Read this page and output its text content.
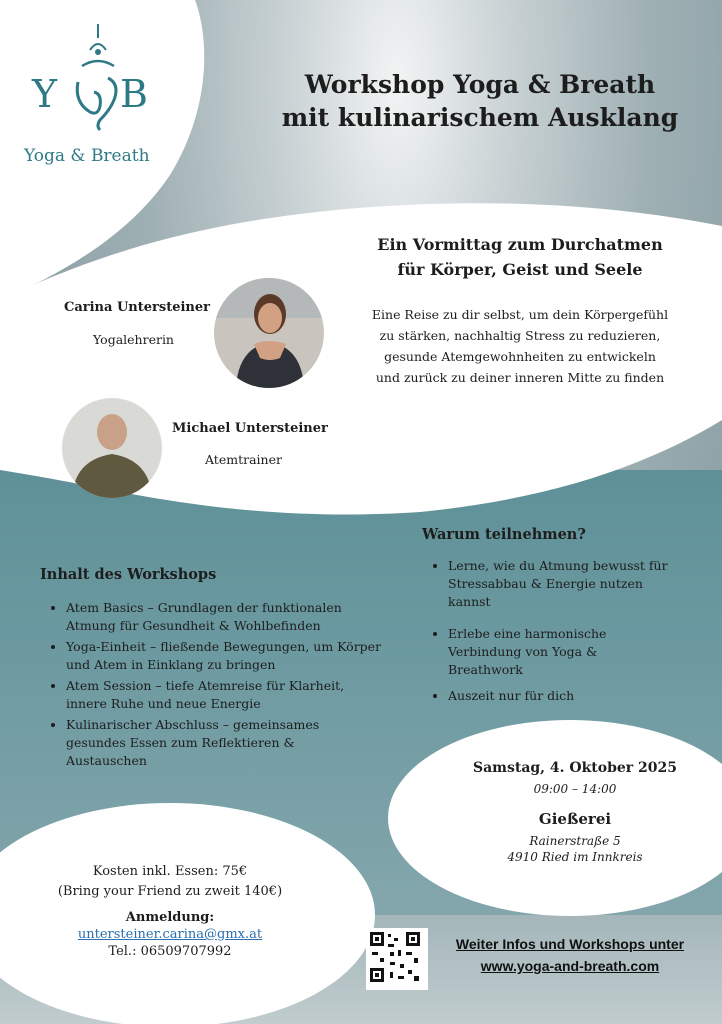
Y B
Yoga & Breath
Workshop Yoga & Breath
mit kulinarischem Ausklang
Ein Vormittag zum Durchatmen
für Körper, Geist und Seele
Eine Reise zu dir selbst, um dein Körpergefühl
zu stärken, nachhaltig Stress zu reduzieren,
gesunde Atemgewohnheiten zu entwickeln
und zurück zu deiner inneren Mitte zu finden
Carina Untersteiner
Yogalehrerin
Michael Untersteiner
Atemtrainer
Inhalt des Workshops
• Atem Basics – Grundlagen der funktionalen
Atmung für Gesundheit & Wohlbefinden
• Yoga-Einheit – fließende Bewegungen, um Körper
und Atem in Einklang zu bringen
• Atem Session – tiefe Atemreise für Klarheit,
innere Ruhe und neue Energie
• Kulinarischer Abschluss – gemeinsames
gesundes Essen zum Reflektieren &
Austauschen
Warum teilnehmen?
• Lerne, wie du Atmung bewusst für
Stressabbau & Energie nutzen
kannst
• Erlebe eine harmonische
Verbindung von Yoga &
Breathwork
• Auszeit nur für dich
Samstag, 4. Oktober 2025
09:00 – 14:00
Gießerei
Rainerstraße 5
4910 Ried im Innkreis
Kosten inkl. Essen: 75€
(Bring your Friend zu zweit 140€)
Anmeldung:
untersteiner.carina@gmx.at
Tel.: 06509707992	Weiter Infos und Workshops unter
www.yoga-and-breath.com
